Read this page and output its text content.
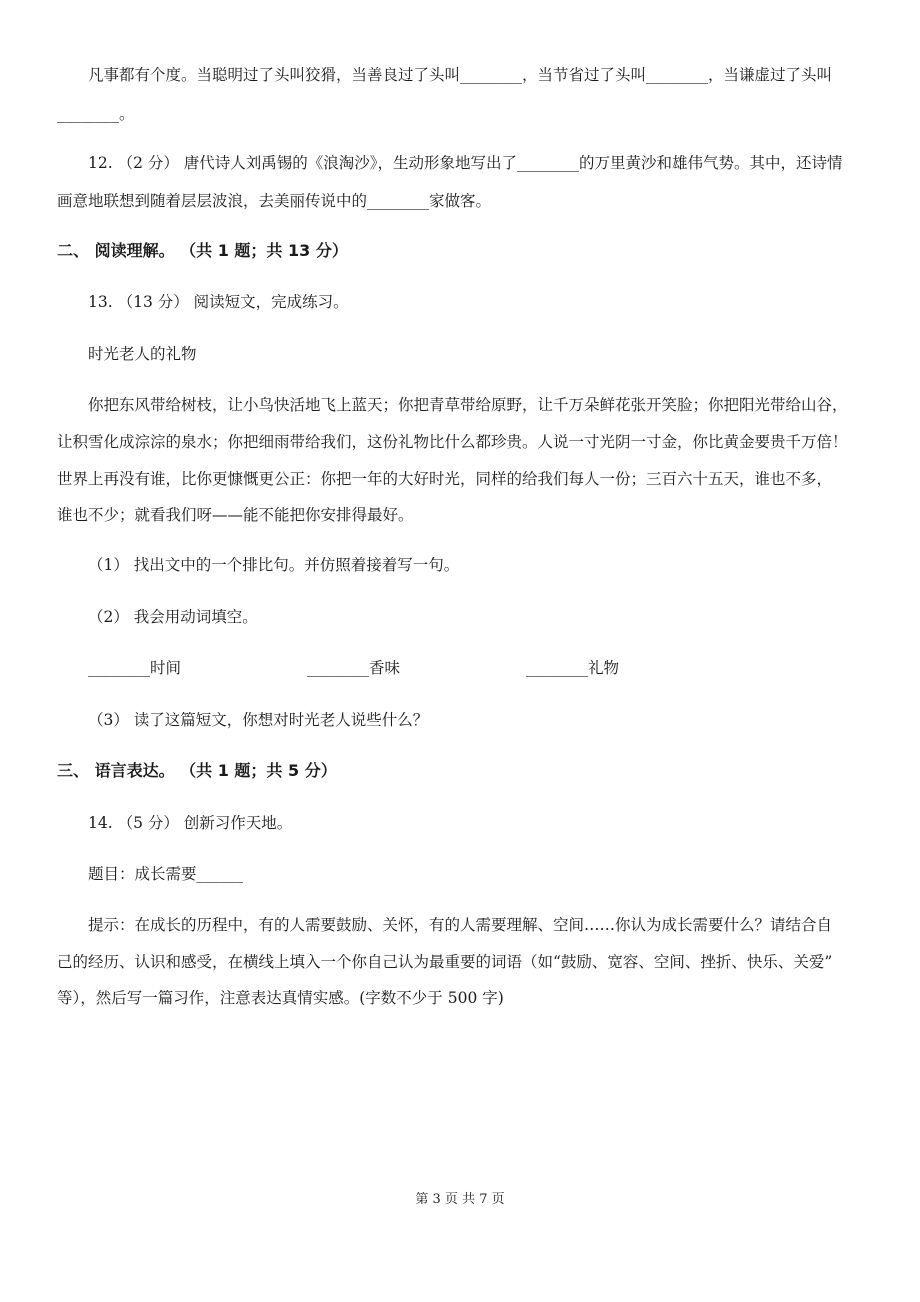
凡事都有个度。当聪明过了头叫狡猾，当善良过了头叫________，当节省过了头叫________，当谦虚过了头叫
________。
12. （2 分） 唐代诗人刘禹锡的《浪淘沙》，生动形象地写出了________的万里黄沙和雄伟气势。其中，还诗情
画意地联想到随着层层波浪，去美丽传说中的________家做客。
二、 阅读理解。 （共 1 题；共 13 分）
13. （13 分） 阅读短文，完成练习。
时光老人的礼物
你把东风带给树枝，让小鸟快活地飞上蓝天；你把青草带给原野，让千万朵鲜花张开笑脸；你把阳光带给山谷，
让积雪化成淙淙的泉水；你把细雨带给我们，这份礼物比什么都珍贵。人说一寸光阴一寸金，你比黄金要贵千万倍！
世界上再没有谁，比你更慷慨更公正：你把一年的大好时光，同样的给我们每人一份；三百六十五天，谁也不多，
谁也不少；就看我们呀——能不能把你安排得最好。
（1） 找出文中的一个排比句。并仿照着接着写一句。
（2） 我会用动词填空。
________时间	________香味	________礼物
（3） 读了这篇短文，你想对时光老人说些什么？
三、 语言表达。 （共 1 题；共 5 分）
14. （5 分） 创新习作天地。
题目：成长需要______
提示：在成长的历程中，有的人需要鼓励、关怀，有的人需要理解、空间……你认为成长需要什么？请结合自
己的经历、认识和感受，在横线上填入一个你自己认为最重要的词语（如“鼓励、宽容、空间、挫折、快乐、关爱”
等），然后写一篇习作，注意表达真情实感。(字数不少于 500 字)
第 3 页 共 7 页
